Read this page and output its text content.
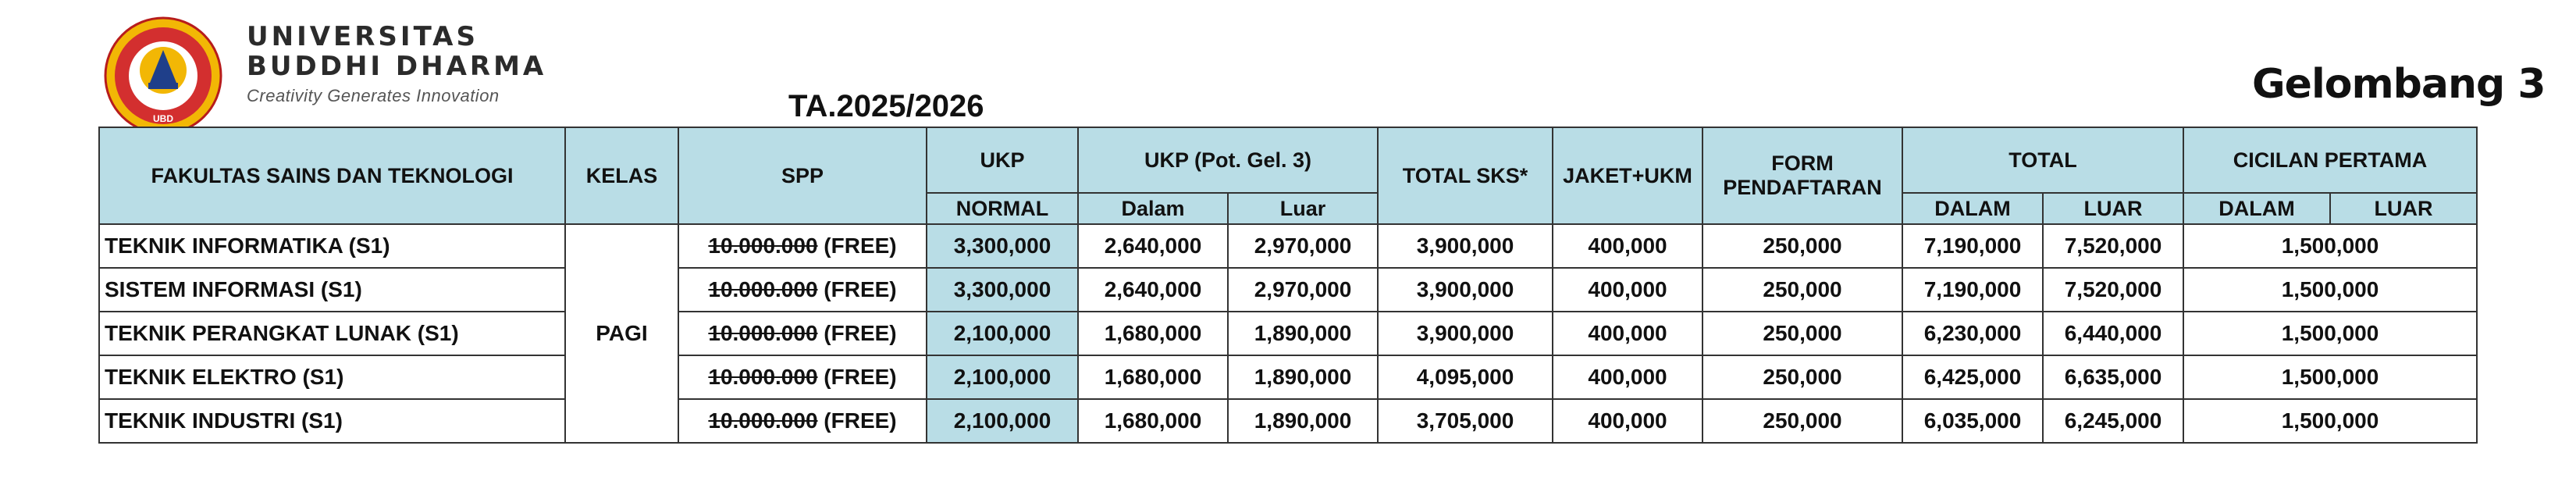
UBD
UNIVERSITAS
BUDDHI DHARMA
Creativity Generates Innovation	TA.2025/2026	Gelombang 3
FAKULTAS SAINS DAN TEKNOLOGI	KELAS	SPP	UKP	UKP (Pot. Gel. 3)		TOTAL SKS*	JAKET+UKM	FORM PENDAFTARAN	TOTAL		CICILAN PERTAMA	
			NORMAL	Dalam	Luar				DALAM	LUAR	DALAM	LUAR
TEKNIK INFORMATIKA (S1)	PAGI	10.000.000 (FREE)	3,300,000	2,640,000	2,970,000	3,900,000	400,000	250,000	7,190,000	7,520,000	1,500,000	
SISTEM INFORMASI (S1)		10.000.000 (FREE)	3,300,000	2,640,000	2,970,000	3,900,000	400,000	250,000	7,190,000	7,520,000	1,500,000	
TEKNIK PERANGKAT LUNAK (S1)		10.000.000 (FREE)	2,100,000	1,680,000	1,890,000	3,900,000	400,000	250,000	6,230,000	6,440,000	1,500,000	
TEKNIK ELEKTRO (S1)		10.000.000 (FREE)	2,100,000	1,680,000	1,890,000	4,095,000	400,000	250,000	6,425,000	6,635,000	1,500,000	
TEKNIK INDUSTRI (S1)		10.000.000 (FREE)	2,100,000	1,680,000	1,890,000	3,705,000	400,000	250,000	6,035,000	6,245,000	1,500,000	
